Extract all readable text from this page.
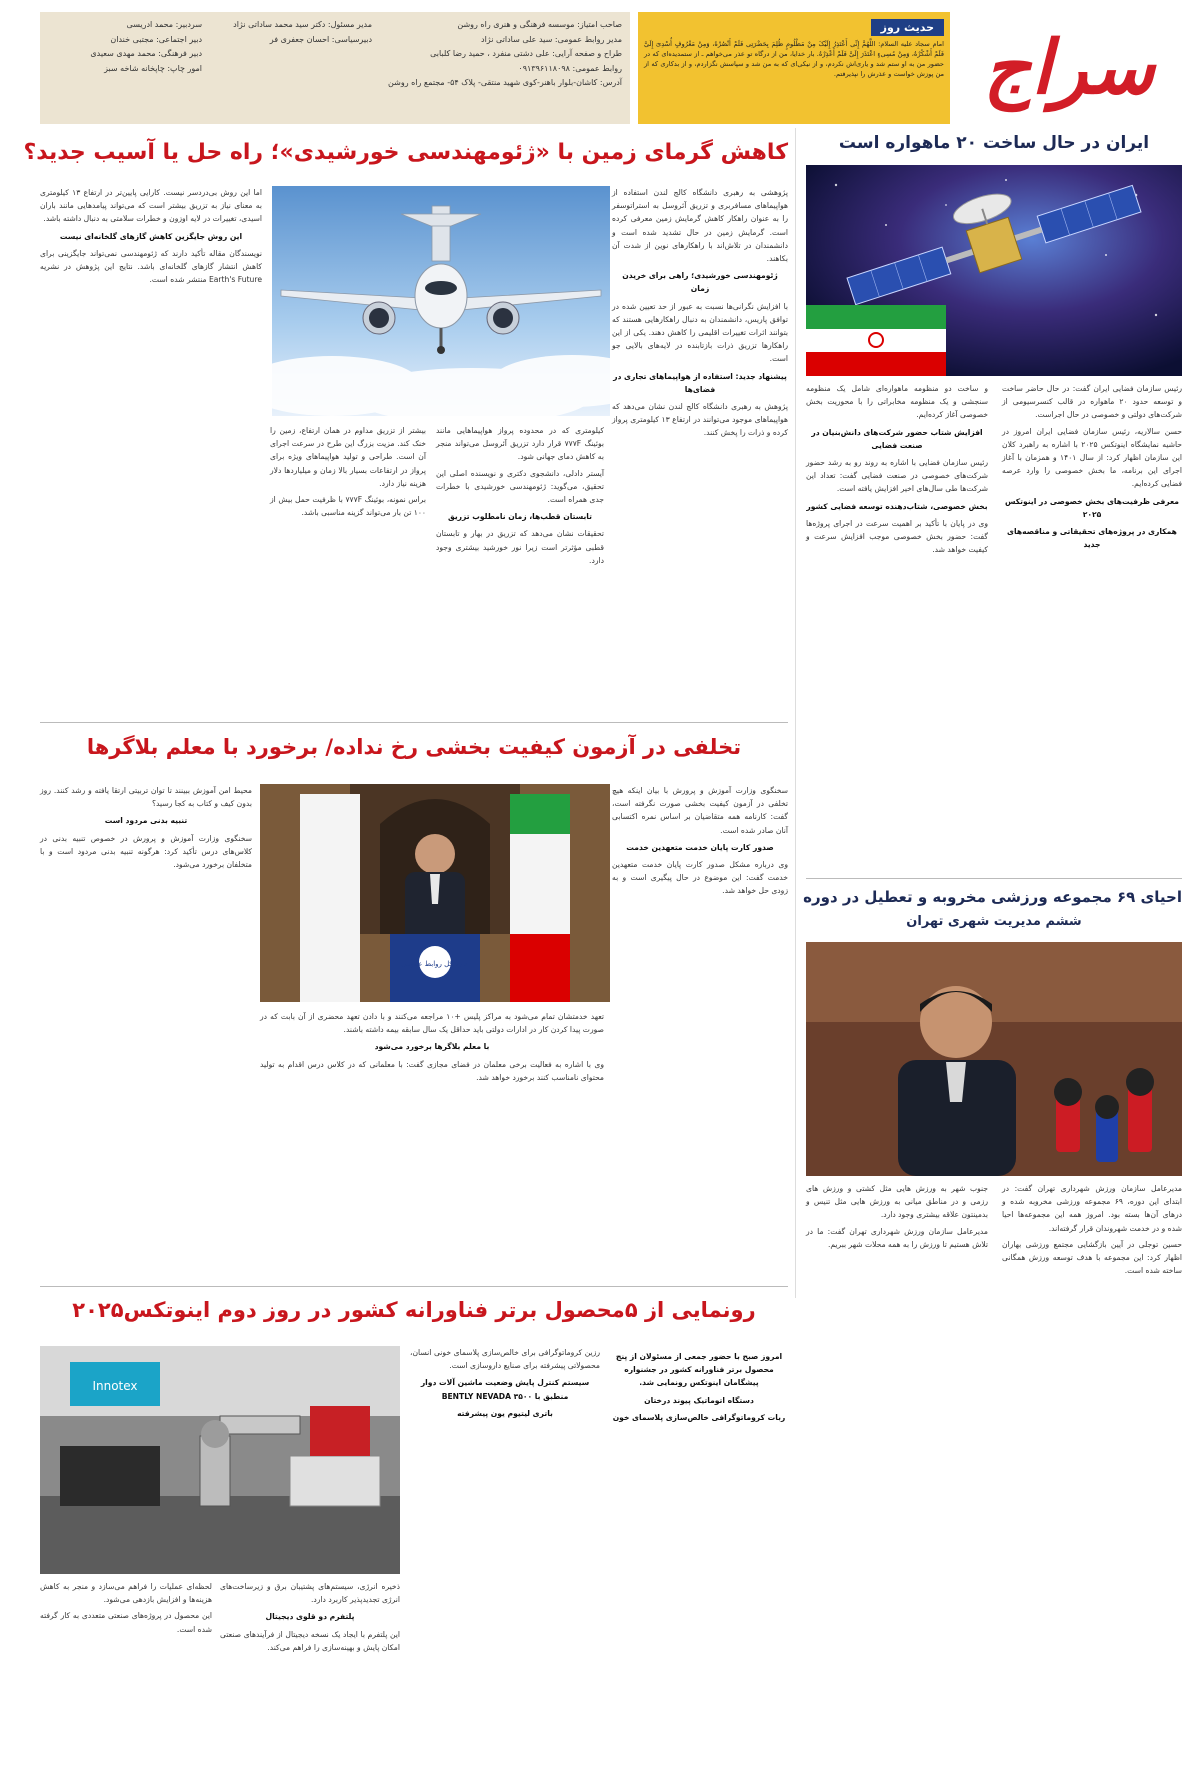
سراج
حدیث روز
امام سجاد علیه السلام: اللَّهُمَّ إِنِّی أَعْتَذِرُ إِلَیْکَ مِنْ مَظْلُومٍ ظُلِمَ بِحَضْرَتِی فَلَمْ أَنْصُرْهُ، وَمِنْ مَعْرُوفٍ أُسْدِیَ إِلَیَّ فَلَمْ أَشْکُرْهُ، وَمِنْ مُسِیءٍ اعْتَذَرَ إِلَیَّ فَلَمْ أَعْذِرْهُ. بار خدایا، من از درگاه تو عذر می‌خواهم ـ از ستمدیده‌ای که در حضور من به او ستم شد و یاری‌اش نکردم، و از نیکی‌ای که به من شد و سپاسش نگزاردم، و از بدکاری که از من پوزش خواست و عذرش را نپذیرفتم.
صاحب امتیاز: موسسه فرهنگی و هنری راه روشن
مدیر روابط عمومی: سید علی ساداتی نژاد
طراح و صفحه آرایی: علی دشتی منفرد ، حمید رضا کلبابی
روابط عمومی: ۰۹۱۳۹۶۱۱۸۰۹۸
آدرس: کاشان-بلوار باهنر-کوی شهید منتقی- پلاک ۵۴- مجتمع راه روشن
مدیر مسئول: دکتر سید محمد ساداتی نژاد
دبیرسیاسی: احسان جعفری فر
سردبیر: محمد ادریسی
دبیر اجتماعی: مجتبی خندان
دبیر فرهنگی: محمد مهدی سعیدی
امور چاپ: چاپخانه شاخه سبز
ایران در حال ساخت ۲۰ ماهواره است

رئیس سازمان فضایی ایران گفت: در حال حاضر ساخت و توسعه حدود ۲۰ ماهواره در قالب کنسرسیومی از شرکت‌های دولتی و خصوصی در حال اجراست.

حسن سالاریه، رئیس سازمان فضایی ایران امروز در حاشیه نمایشگاه اینوتکس ۲۰۲۵ با اشاره به راهبرد کلان این سازمان اظهار کرد: از سال ۱۴۰۱ و همزمان با آغاز اجرای این برنامه، ما بخش خصوصی را وارد عرصه فضایی کرده‌ایم.

معرفی ظرفیت‌های بخش خصوصی در اینوتکس ۲۰۲۵

همکاری در پروژه‌های تحقیقاتی و مناقصه‌های جدید

و ساخت دو منظومه ماهواره‌ای شامل یک منظومه سنجشی و یک منظومه مخابراتی را با محوریت بخش خصوصی آغاز کرده‌ایم.

افزایش شتاب حضور شرکت‌های دانش‌بنیان در صنعت فضایی

رئیس سازمان فضایی با اشاره به روند رو به رشد حضور شرکت‌های خصوصی در صنعت فضایی گفت: تعداد این شرکت‌ها طی سال‌های اخیر افزایش یافته است.

بخش خصوصی، شتاب‌دهنده توسعه فضایی کشور

وی در پایان با تأکید بر اهمیت سرعت در اجرای پروژه‌ها گفت: حضور بخش خصوصی موجب افزایش سرعت و کیفیت خواهد شد.

کاهش گرمای زمین با «ژئومهندسی خورشیدی»؛ راه حل یا آسیب جدید؟

پژوهشی به رهبری دانشگاه کالج لندن استفاده از هواپیماهای مسافربری و تزریق آئروسل به استراتوسفر را به عنوان راهکار کاهش گرمایش زمین معرفی کرده است. گرمایش زمین در حال تشدید شده است و دانشمندان در تلاش‌اند با راهکارهای نوین از شدت آن بکاهند.

ژئومهندسی خورشیدی؛ راهی برای خریدن زمان

با افزایش نگرانی‌ها نسبت به عبور از حد تعیین شده در توافق پاریس، دانشمندان به دنبال راهکارهایی هستند که بتوانند اثرات تغییرات اقلیمی را کاهش دهند. یکی از این راهکارها تزریق ذرات بازتابنده در لایه‌های بالایی جو است.

پیشنهاد جدید: استفاده از هواپیماهای تجاری در فضای‌ها

پژوهش به رهبری دانشگاه کالج لندن نشان می‌دهد که هواپیماهای موجود می‌توانند در ارتفاع ۱۳ کیلومتری پرواز کرده و ذرات را پخش کنند.

کیلومتری که در محدوده پرواز هواپیماهایی مانند بوئینگ ۷۷۷F قرار دارد تزریق آئروسل می‌تواند منجر به کاهش دمای جهانی شود.

آیستر دادلی، دانشجوی دکتری و نویسنده اصلی این تحقیق، می‌گوید: ژئومهندسی خورشیدی با خطرات جدی همراه است.

تابستان قطب‌ها، زمان نامطلوب تزریق

تحقیقات نشان می‌دهد که تزریق در بهار و تابستان قطبی مؤثرتر است زیرا نور خورشید بیشتری وجود دارد.

بیشتر از تزریق مداوم در همان ارتفاع، زمین را خنک کند. مزیت بزرگ این طرح در سرعت اجرای آن است. طراحی و تولید هواپیماهای ویژه برای پرواز در ارتفاعات بسیار بالا زمان و میلیاردها دلار هزینه نیاز دارد.

براس نمونه، بوئینگ ۷۷۷F با ظرفیت حمل بیش از ۱۰۰ تن بار می‌تواند گزینه مناسبی باشد.

اما این روش بی‌دردسر نیست. کارایی پایین‌تر در ارتفاع ۱۳ کیلومتری به معنای نیاز به تزریق بیشتر است که می‌تواند پیامدهایی مانند باران اسیدی، تغییرات در لایه اوزون و خطرات سلامتی به دنبال داشته باشد.

این روش جایگزین کاهش گازهای گلخانه‌ای نیست

نویسندگان مقاله تأکید دارند که ژئومهندسی نمی‌تواند جایگزینی برای کاهش انتشار گازهای گلخانه‌ای باشد. نتایج این پژوهش در نشریه Earth's Future منتشر شده است.

تخلفی در آزمون کیفیت بخشی رخ نداده/ برخورد با معلم بلاگرها
اداره کل روابط عمومی

سخنگوی وزارت آموزش و پرورش با بیان اینکه هیچ تخلفی در آزمون کیفیت بخشی صورت نگرفته است، گفت: کارنامه همه متقاضیان بر اساس نمره اکتسابی آنان صادر شده است.

صدور کارت پایان خدمت متعهدین خدمت

وی درباره مشکل صدور کارت پایان خدمت متعهدین خدمت گفت: این موضوع در حال پیگیری است و به زودی حل خواهد شد.

تعهد خدمتشان تمام می‌شود به مراکز پلیس +۱۰ مراجعه می‌کنند و با دادن تعهد محضری از آن بابت که در صورت پیدا کردن کار در ادارات دولتی باید حداقل یک سال سابقه بیمه داشته باشند.

با معلم بلاگرها برخورد می‌شود

وی با اشاره به فعالیت برخی معلمان در فضای مجازی گفت: با معلمانی که در کلاس درس اقدام به تولید محتوای نامناسب کنند برخورد خواهد شد.

محیط امن آموزش ببینند تا توان تربیتی ارتقا یافته و رشد کنند. روز بدون کیف و کتاب به کجا رسید؟

تنبیه بدنی مردود است

سخنگوی وزارت آموزش و پرورش در خصوص تنبیه بدنی در کلاس‌های درس تأکید کرد: هرگونه تنبیه بدنی مردود است و با متخلفان برخورد می‌شود.

احیای ۶۹ مجموعه ورزشی مخروبه و تعطیل در دوره
ششم مدیریت شهری تهران

مدیرعامل سازمان ورزش شهرداری تهران گفت: در ابتدای این دوره، ۶۹ مجموعه ورزشی مخروبه شده و درهای آن‌ها بسته بود. امروز همه این مجموعه‌ها احیا شده و در خدمت شهروندان قرار گرفته‌اند.

حسین توجلی در آیین بازگشایی مجتمع ورزشی بهاران اظهار کرد: این مجموعه با هدف توسعه ورزش همگانی ساخته شده است.

جنوب شهر به ورزش هایی مثل کشتی و ورزش های رزمی و در مناطق میانی به ورزش هایی مثل تنیس و بدمینتون علاقه بیشتری وجود دارد.

مدیرعامل سازمان ورزش شهرداری تهران گفت: ما در تلاش هستیم تا ورزش را به همه محلات شهر ببریم.

رونمایی از ۵محصول برتر فناورانه کشور در روز دوم اینوتکس۲۰۲۵
Innotex

امروز صبح با حضور جمعی از مسئولان از پنج محصول برتر فناورانه کشور در جشنواره پیشگامان اینوتکس رونمایی شد.

دستگاه اتوماتیک پیوند درختان

ربات کروماتوگرافی خالص‌سازی پلاسمای خون

رزین کروماتوگرافی برای خالص‌سازی پلاسمای خونی انسان، محصولاتی پیشرفته برای صنایع داروسازی است.

سیستم کنترل پایش وضعیت ماشین آلات دوار منطبق با BENTLY NEVADA ۳۵۰۰

باتری لیتیوم یون پیشرفته

ذخیره انرژی، سیستم‌های پشتیبان برق و زیرساخت‌های انرژی تجدیدپذیر کاربرد دارد.

پلتفرم دو قلوی دیجیتال

این پلتفرم با ایجاد یک نسخه دیجیتال از فرآیندهای صنعتی امکان پایش و بهینه‌سازی را فراهم می‌کند.

لحظه‌ای عملیات را فراهم می‌سازد و منجر به کاهش هزینه‌ها و افزایش بازدهی می‌شود.

این محصول در پروژه‌های صنعتی متعددی به کار گرفته شده است.
